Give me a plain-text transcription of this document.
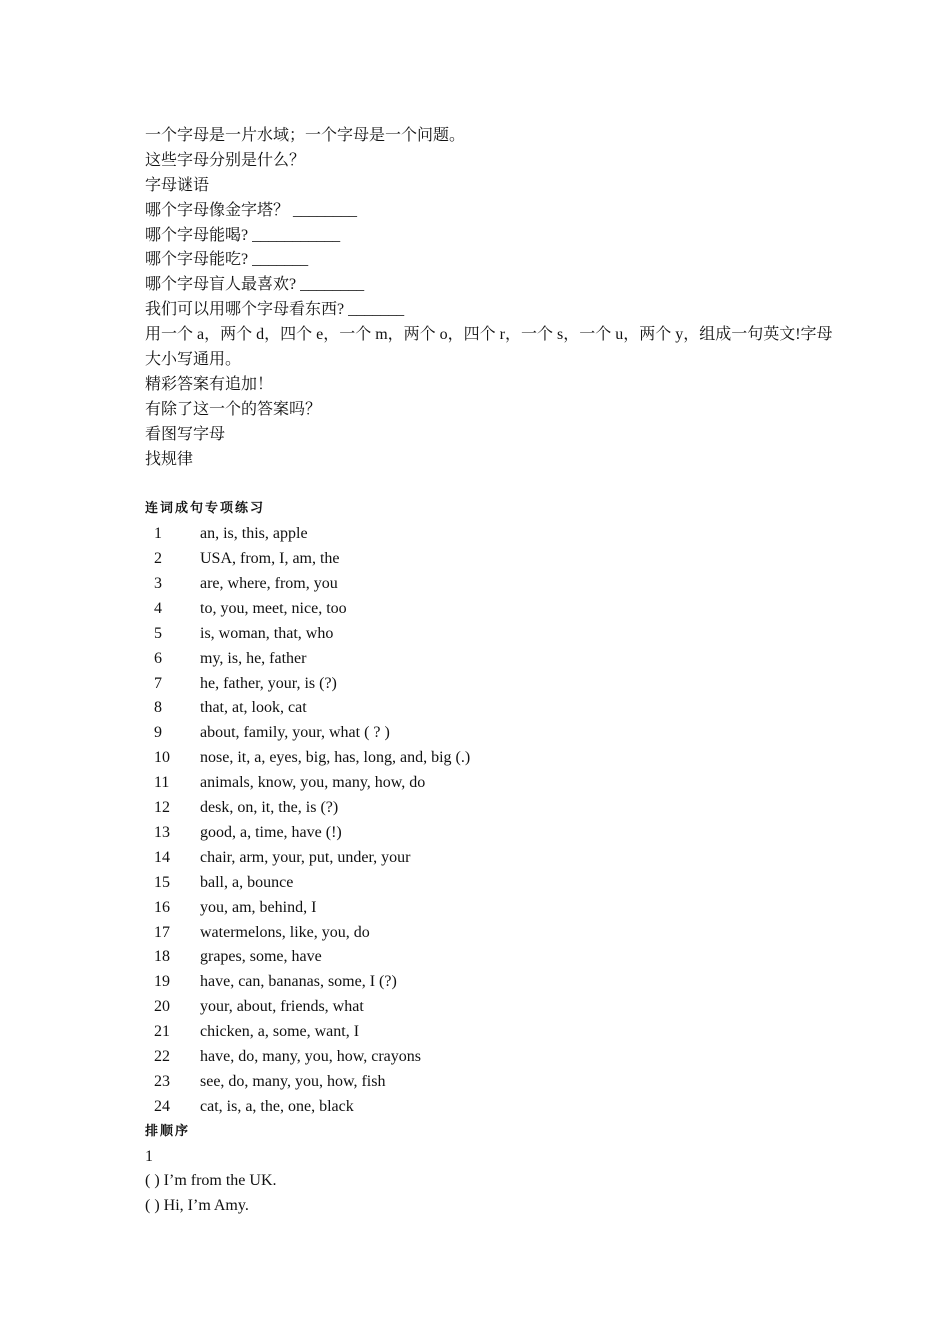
一个字母是一片水域；一个字母是一个问题。
这些字母分别是什么？
字母谜语
哪个字母像金字塔？ ________
哪个字母能喝? ___________
哪个字母能吃? _______
哪个字母盲人最喜欢? ________
我们可以用哪个字母看东西? _______
用一个 a，两个 d，四个 e，一个 m，两个 o，四个 r，一个 s，一个 u，两个 y，组成一句英文!字母
大小写通用。
精彩答案有追加！
有除了这一个的答案吗？
看图写字母
找规律
连词成句专项练习
1	an, is, this, apple
2	USA, from, I, am, the
3	are, where, from, you
4	to, you, meet, nice, too
5	is, woman, that, who
6	my, is, he, father
7	he, father, your, is (?)
8	that, at, look, cat
9	about, family, your, what ( ? )
10	nose, it, a, eyes, big, has, long, and, big (.)
11	animals, know, you, many, how, do
12	desk, on, it, the, is (?)
13	good, a, time, have (!)
14	chair, arm, your, put, under, your
15	ball, a, bounce
16	you, am, behind, I
17	watermelons, like, you, do
18	grapes, some, have
19	have, can, bananas, some, I (?)
20	your, about, friends, what
21	chicken, a, some, want, I
22	have, do, many, you, how, crayons
23	see, do, many, you, how, fish
24	cat, is, a, the, one, black
排顺序
1
( ) I’m from the UK.
( ) Hi, I’m Amy.
